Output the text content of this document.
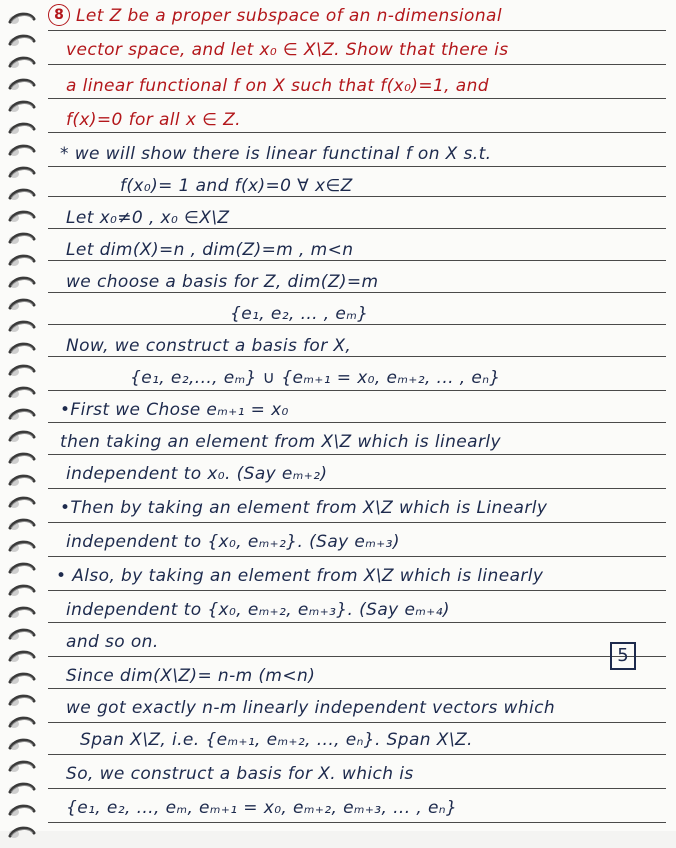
8 Let Z be a proper subspace of an n-dimensional
vector space, and let x₀ ∈ X\Z. Show that there is
a linear functional f on X such that f(x₀)=1, and
f(x)=0 for all x ∈ Z.
* we will show there is linear functinal f on X s.t.
f(x₀)= 1 and f(x)=0 ∀ x∈Z
Let x₀≠0 , x₀ ∈X\Z
Let dim(X)=n , dim(Z)=m , m<n
we choose a basis for Z, dim(Z)=m
{e₁, e₂, ... , eₘ}
Now, we construct a basis for X,
{e₁, e₂,..., eₘ} ∪ {eₘ₊₁ = x₀, eₘ₊₂, ... , eₙ}
•First we Chose eₘ₊₁ = x₀
then taking an element from X\Z which is linearly
independent to x₀. (Say eₘ₊₂)
•Then by taking an element from X\Z which is Linearly
independent to {x₀, eₘ₊₂}. (Say eₘ₊₃)
• Also, by taking an element from X\Z which is linearly
independent to {x₀, eₘ₊₂, eₘ₊₃}. (Say eₘ₊₄)
and so on.
Since dim(X\Z)= n-m (m<n)
we got exactly n-m linearly independent vectors which
Span X\Z, i.e. {eₘ₊₁, eₘ₊₂, ..., eₙ}. Span X\Z.
So, we construct a basis for X. which is
{e₁, e₂, ..., eₘ, eₘ₊₁ = x₀, eₘ₊₂, eₘ₊₃, ... , eₙ}
5
